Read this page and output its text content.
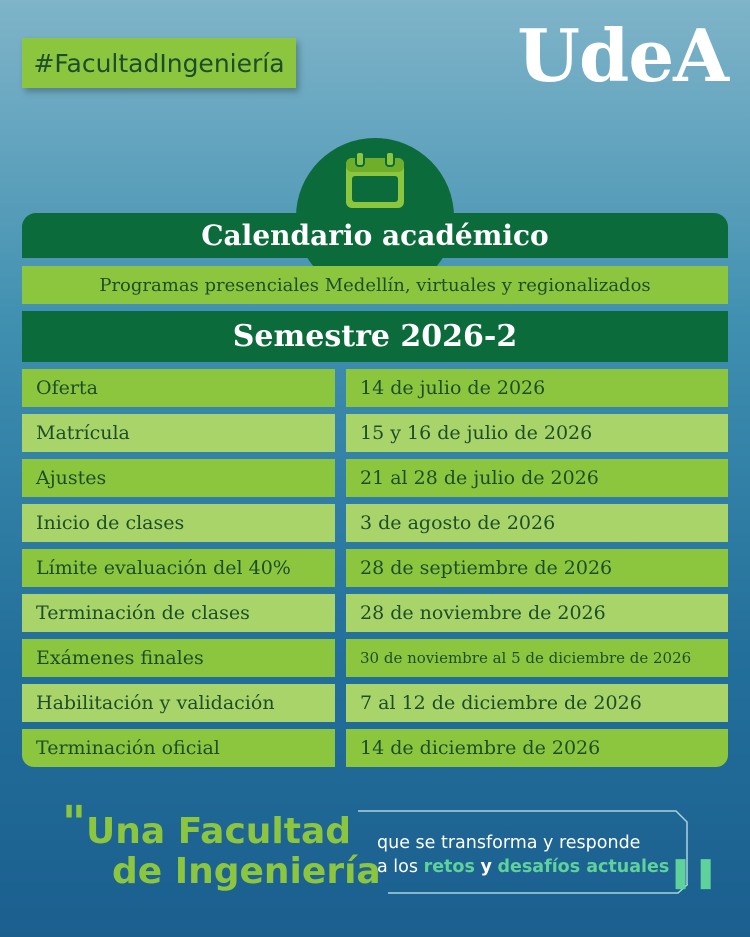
#FacultadIngeniería	UdeA
Calendario académico
Programas presenciales Medellín, virtuales y regionalizados
Semestre 2026-2
Oferta	14 de julio de 2026
Matrícula	15 y 16 de julio de 2026
Ajustes	21 al 28 de julio de 2026
Inicio de clases	3 de agosto de 2026
Límite evaluación del 40%	28 de septiembre de 2026
Terminación de clases	28 de noviembre de 2026
Exámenes finales	30 de noviembre al 5 de diciembre de 2026
Habilitación y validación	7 al 12 de diciembre de 2026
Terminación oficial	14 de diciembre de 2026
" Una Facultad
de Ingeniería
que se transforma y responde
a los retos y desafíos actuales
❚❚
